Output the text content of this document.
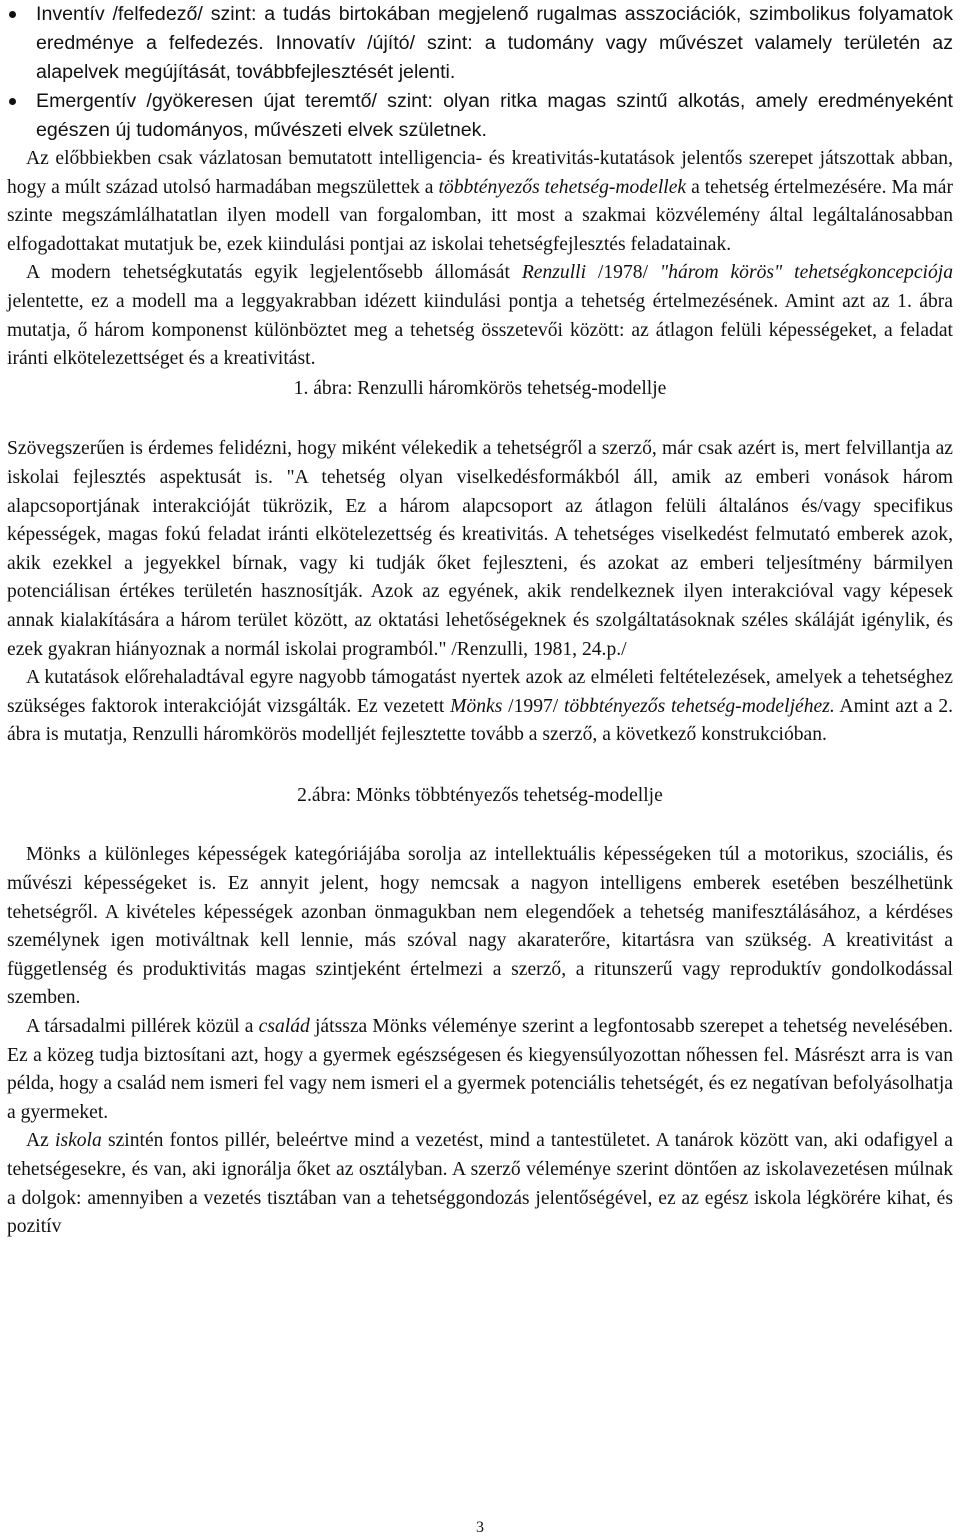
Inventív /felfedező/ szint: a tudás birtokában megjelenő rugalmas asszociációk, szimbolikus folyamatok eredménye a felfedezés. Innovatív /újító/ szint: a tudomány vagy művészet valamely területén az alapelvek megújítását, továbbfejlesztését jelenti.
Emergentív /gyökeresen újat teremtő/ szint: olyan ritka magas szintű alkotás, amely eredményeként egészen új tudományos, művészeti elvek születnek.

Az előbbiekben csak vázlatosan bemutatott intelligencia- és kreativitás-kutatások jelentős szerepet játszottak abban, hogy a múlt század utolsó harmadában megszülettek a többtényezős tehetség-modellek a tehetség értelmezésére. Ma már szinte megszámlálhatatlan ilyen modell van forgalomban, itt most a szakmai közvélemény által legáltalánosabban elfogadottakat mutatjuk be, ezek kiindulási pontjai az iskolai tehetségfejlesztés feladatainak.

A modern tehetségkutatás egyik legjelentősebb állomását Renzulli /1978/ "három körös" tehetségkoncepciója jelentette, ez a modell ma a leggyakrabban idézett kiindulási pontja a tehetség értelmezésének. Amint azt az 1. ábra mutatja, ő három komponenst különböztet meg a tehetség összetevői között: az átlagon felüli képességeket, a feladat iránti elkötelezettséget és a kreativitást.

1. ábra: Renzulli háromkörös tehetség-modellje

Szövegszerűen is érdemes felidézni, hogy miként vélekedik a tehetségről a szerző, már csak azért is, mert felvillantja az iskolai fejlesztés aspektusát is. "A tehetség olyan viselkedésformákból áll, amik az emberi vonások három alapcsoportjának interakcióját tükrözik, Ez a három alapcsoport az átlagon felüli általános és/vagy specifikus képességek, magas fokú feladat iránti elkötelezettség és kreativitás. A tehetséges viselkedést felmutató emberek azok, akik ezekkel a jegyekkel bírnak, vagy ki tudják őket fejleszteni, és azokat az emberi teljesítmény bármilyen potenciálisan értékes területén hasznosítják. Azok az egyének, akik rendelkeznek ilyen interakcióval vagy képesek annak kialakítására a három terület között, az oktatási lehetőségeknek és szolgáltatásoknak széles skáláját igénylik, és ezek gyakran hiányoznak a normál iskolai programból." /Renzulli, 1981, 24.p./

A kutatások előrehaladtával egyre nagyobb támogatást nyertek azok az elméleti feltételezések, amelyek a tehetséghez szükséges faktorok interakcióját vizsgálták. Ez vezetett Mönks /1997/ többtényezős tehetség-modeljéhez. Amint azt a 2. ábra is mutatja, Renzulli háromkörös modelljét fejlesztette tovább a szerző, a következő konstrukcióban.

2.ábra: Mönks többtényezős tehetség-modellje

Mönks a különleges képességek kategóriájába sorolja az intellektuális képességeken túl a motorikus, szociális, és művészi képességeket is. Ez annyit jelent, hogy nemcsak a nagyon intelligens emberek esetében beszélhetünk tehetségről. A kivételes képességek azonban önmagukban nem elegendőek a tehetség manifesztálásához, a kérdéses személynek igen motiváltnak kell lennie, más szóval nagy akaraterőre, kitartásra van szükség. A kreativitást a függetlenség és produktivitás magas szintjeként értelmezi a szerző, a ritunszerű vagy reproduktív gondolkodással szemben.

A társadalmi pillérek közül a család játssza Mönks véleménye szerint a legfontosabb szerepet a tehetség nevelésében. Ez a közeg tudja biztosítani azt, hogy a gyermek egészségesen és kiegyensúlyozottan nőhessen fel. Másrészt arra is van példa, hogy a család nem ismeri fel vagy nem ismeri el a gyermek potenciális tehetségét, és ez negatívan befolyásolhatja a gyermeket.

Az iskola szintén fontos pillér, beleértve mind a vezetést, mind a tantestületet. A tanárok között van, aki odafigyel a tehetségesekre, és van, aki ignorálja őket az osztályban. A szerző véleménye szerint döntően az iskolavezetésen múlnak a dolgok: amennyiben a vezetés tisztában van a tehetséggondozás jelentőségével, ez az egész iskola légkörére kihat, és pozitív

3
